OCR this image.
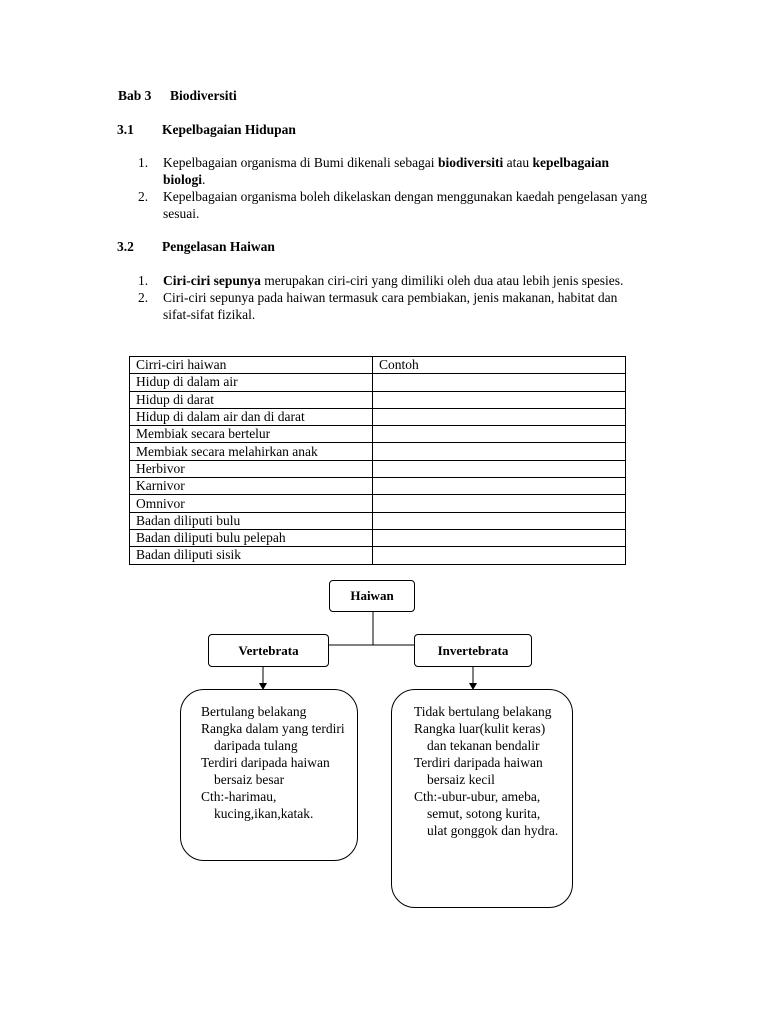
Bab 3 Biodiversiti
3.1 Kepelbagaian Hidupan
1. Kepelbagaian organisma di Bumi dikenali sebagai biodiversiti atau kepelbagaian biologi.
2. Kepelbagaian organisma boleh dikelaskan dengan menggunakan kaedah pengelasan yang sesuai.
3.2 Pengelasan Haiwan
1. Ciri-ciri sepunya merupakan ciri-ciri yang dimiliki oleh dua atau lebih jenis spesies.
2. Ciri-ciri sepunya pada haiwan termasuk cara pembiakan, jenis makanan, habitat dan sifat-sifat fizikal.
Cirri-ciri haiwan	Contoh
Hidup di dalam air	
Hidup di darat	
Hidup di dalam air dan di darat	
Membiak secara bertelur	
Membiak secara melahirkan anak	
Herbivor	
Karnivor	
Omnivor	
Badan diliputi bulu	
Badan diliputi bulu pelepah	
Badan diliputi sisik	
Haiwan
Vertebrata	Invertebrata
Bertulang belakang
Rangka dalam yang terdiri daripada tulang
Terdiri daripada haiwan bersaiz besar
Cth:-harimau, kucing,ikan,katak.
Tidak bertulang belakang
Rangka luar(kulit keras) dan tekanan bendalir
Terdiri daripada haiwan bersaiz kecil
Cth:-ubur-ubur, ameba, semut, sotong kurita, ulat gonggok dan hydra.
